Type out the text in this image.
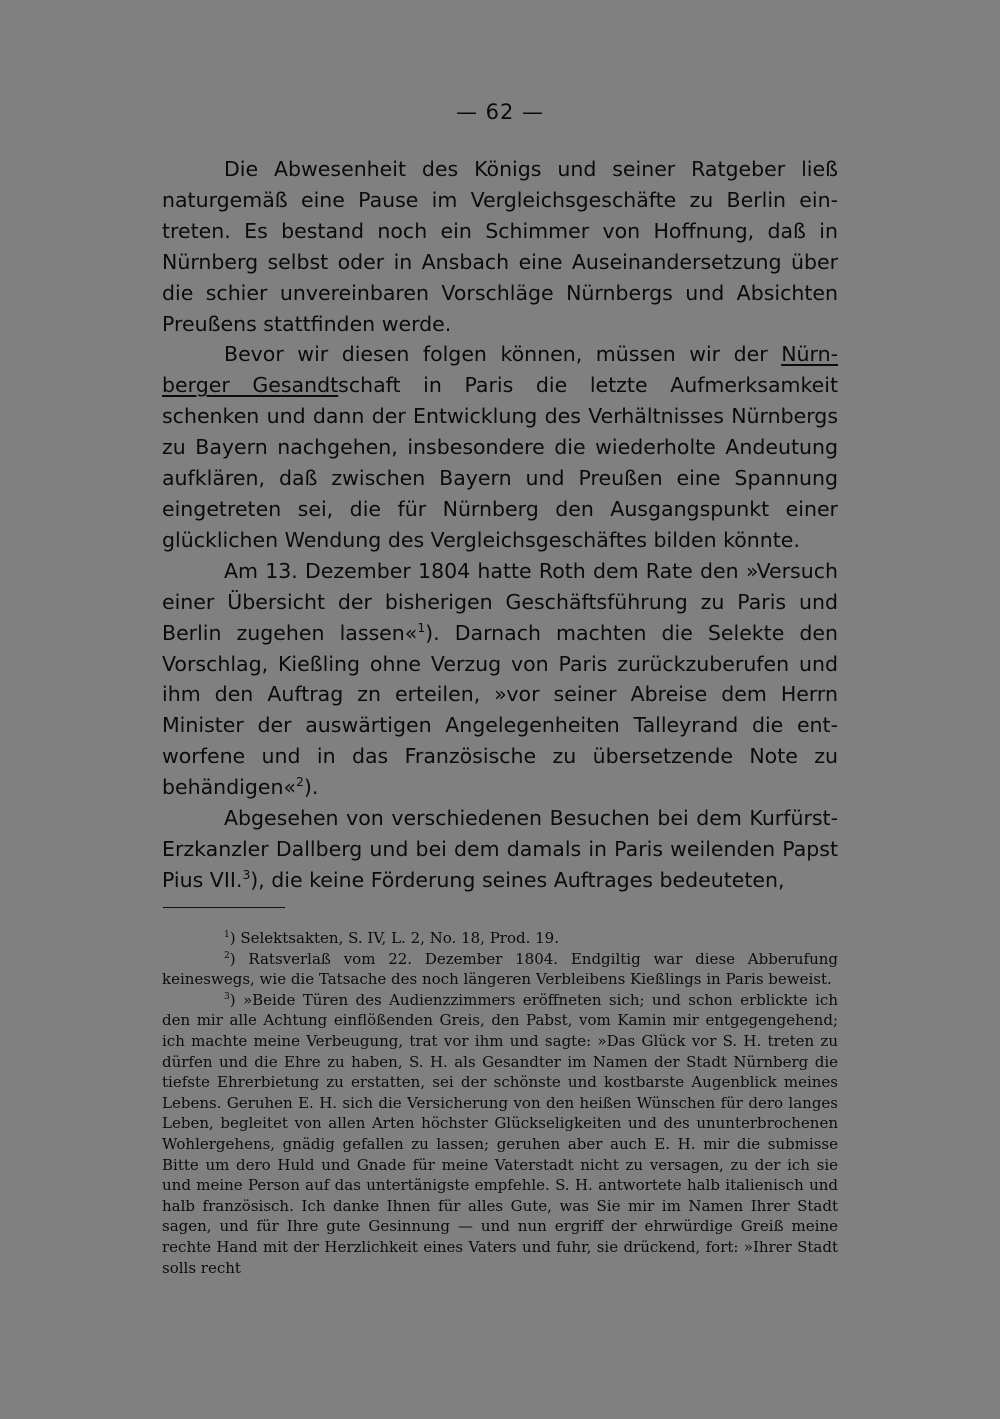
— 62 —

Die Abwesenheit des Königs und seiner Ratgeber ließ naturgemäß eine Pause im Vergleichsgeschäfte zu Berlin eintreten. Es bestand noch ein Schimmer von Hoffnung, daß in Nürnberg selbst oder in Ansbach eine Auseinandersetzung über die schier unvereinbaren Vorschläge Nürnbergs und Absichten Preußens stattfinden werde.

Bevor wir diesen folgen können, müssen wir der Nürnberger Gesandtschaft in Paris die letzte Aufmerksamkeit schenken und dann der Entwicklung des Verhältnisses Nürnbergs zu Bayern nachgehen, insbesondere die wiederholte Andeutung aufklären, daß zwischen Bayern und Preußen eine Spannung eingetreten sei, die für Nürnberg den Ausgangspunkt einer glücklichen Wendung des Vergleichsgeschäftes bilden könnte.

Am 13. Dezember 1804 hatte Roth dem Rate den »Versuch einer Übersicht der bisherigen Geschäftsführung zu Paris und Berlin zugehen lassen«$^1$). Darnach machten die Selekte den Vorschlag, Kießling ohne Verzug von Paris zurückzuberufen und ihm den Auftrag zn erteilen, »vor seiner Abreise dem Herrn Minister der auswärtigen Angelegenheiten Talleyrand die entworfene und in das Französische zu übersetzende Note zu behändigen«$^2$).

Abgesehen von verschiedenen Besuchen bei dem Kurfürst-Erzkanzler Dallberg und bei dem damals in Paris weilenden Papst Pius VII.$^3$), die keine Förderung seines Auftrages bedeuteten,

$^1$) Selektsakten, S. IV, L. 2, No. 18, Prod. 19.

$^2$) Ratsverlaß vom 22. Dezember 1804. Endgiltig war diese Abberufung keineswegs, wie die Tatsache des noch längeren Verbleibens Kießlings in Paris beweist.

$^3$) »Beide Türen des Audienzzimmers eröffneten sich; und schon erblickte ich den mir alle Achtung einflößenden Greis, den Pabst, vom Kamin mir entgegengehend; ich machte meine Verbeugung, trat vor ihm und sagte: »Das Glück vor S. H. treten zu dürfen und die Ehre zu haben, S. H. als Gesandter im Namen der Stadt Nürnberg die tiefste Ehrerbietung zu erstatten, sei der schönste und kostbarste Augenblick meines Lebens. Geruhen E. H. sich die Versicherung von den heißen Wünschen für dero langes Leben, begleitet von allen Arten höchster Glückseligkeiten und des ununterbrochenen Wohlergehens, gnädig gefallen zu lassen; geruhen aber auch E. H. mir die submisse Bitte um dero Huld und Gnade für meine Vaterstadt nicht zu versagen, zu der ich sie und meine Person auf das untertänigste empfehle. S. H. antwortete halb italienisch und halb französisch. Ich danke Ihnen für alles Gute, was Sie mir im Namen Ihrer Stadt sagen, und für Ihre gute Gesinnung — und nun ergriff der ehrwürdige Greiß meine rechte Hand mit der Herzlichkeit eines Vaters und fuhr, sie drückend, fort: »Ihrer Stadt solls recht
